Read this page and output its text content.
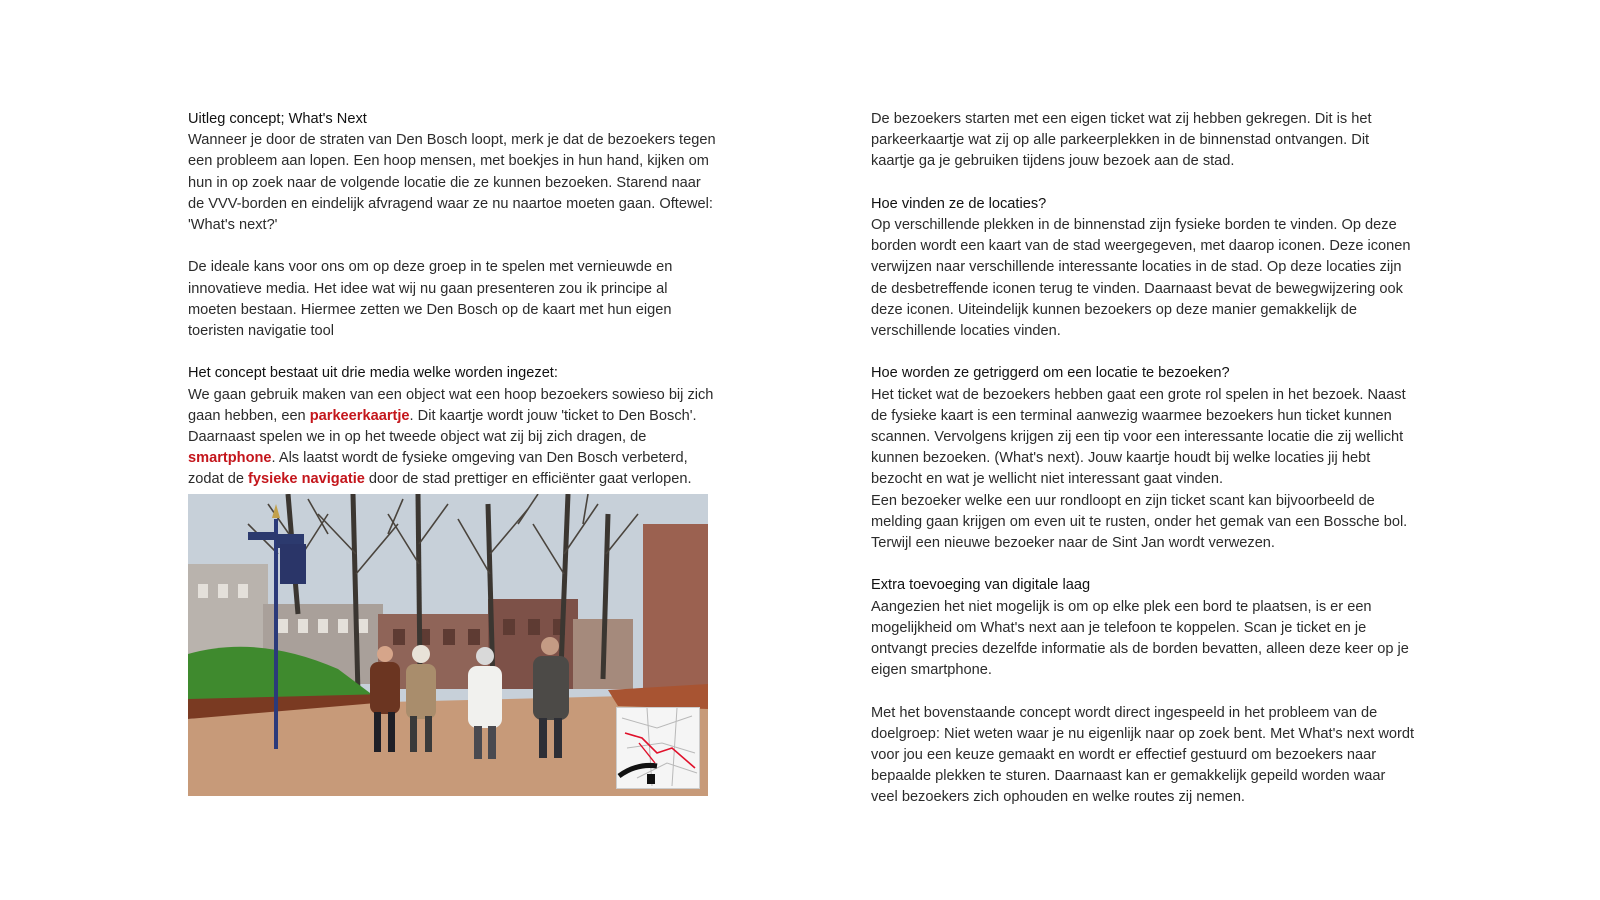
Uitleg concept; What's Next
Wanneer je door de straten van Den Bosch loopt, merk je dat de bezoekers tegen een probleem aan lopen. Een hoop mensen, met boekjes in hun hand, kijken om hun in op zoek naar de volgende locatie die ze kunnen bezoeken. Starend naar de VVV-borden en eindelijk afvragend waar ze nu naartoe moeten gaan. Oftewel: 'What's next?'
De ideale kans voor ons om op deze groep in te spelen met vernieuwde en innovatieve media. Het idee wat wij nu gaan presenteren zou ik principe al moeten bestaan. Hiermee zetten we Den Bosch op de kaart met hun eigen toeristen navigatie tool
Het concept bestaat uit drie media welke worden ingezet:
We gaan gebruik maken van een object wat een hoop bezoekers sowieso bij zich gaan hebben, een parkeerkaartje. Dit kaartje wordt jouw 'ticket to Den Bosch'. Daarnaast spelen we in op het tweede object wat zij bij zich dragen, de smartphone. Als laatst wordt de fysieke omgeving van Den Bosch verbeterd, zodat de fysieke navigatie door de stad prettiger en efficiënter gaat verlopen.
De bezoekers starten met een eigen ticket wat zij hebben gekregen. Dit is het parkeerkaartje wat zij op alle parkeerplekken in de binnenstad ontvangen. Dit kaartje ga je gebruiken tijdens jouw bezoek aan de stad.
Hoe vinden ze de locaties?
Op verschillende plekken in de binnenstad zijn fysieke borden te vinden. Op deze borden wordt een kaart van de stad weergegeven, met daarop iconen. Deze iconen verwijzen naar verschillende interessante locaties in de stad. Op deze locaties zijn de desbetreffende iconen terug te vinden. Daarnaast bevat de bewegwijzering ook deze iconen. Uiteindelijk kunnen bezoekers op deze manier gemakkelijk de verschillende locaties vinden.
Hoe worden ze getriggerd om een locatie te bezoeken?
Het ticket wat de bezoekers hebben gaat een grote rol spelen in het bezoek. Naast de fysieke kaart is een terminal aanwezig waarmee bezoekers hun ticket kunnen scannen. Vervolgens krijgen zij een tip voor een interessante locatie die zij wellicht kunnen bezoeken. (What's next). Jouw kaartje houdt bij welke locaties jij hebt bezocht en wat je wellicht niet interessant gaat vinden.
Een bezoeker welke een uur rondloopt en zijn ticket scant kan bijvoorbeeld de melding gaan krijgen om even uit te rusten, onder het gemak van een Bossche bol. Terwijl een nieuwe bezoeker naar de Sint Jan wordt verwezen.
Extra toevoeging van digitale laag
Aangezien het niet mogelijk is om op elke plek een bord te plaatsen, is er een mogelijkheid om What's next aan je telefoon te koppelen. Scan je ticket en je ontvangt precies dezelfde informatie als de borden bevatten, alleen deze keer op je eigen smartphone.
Met het bovenstaande concept wordt direct ingespeeld in het probleem van de doelgroep: Niet weten waar je nu eigenlijk naar op zoek bent. Met What's next wordt voor jou een keuze gemaakt en wordt er effectief gestuurd om bezoekers naar bepaalde plekken te sturen. Daarnaast kan er gemakkelijk gepeild worden waar veel bezoekers zich ophouden en welke routes zij nemen.
